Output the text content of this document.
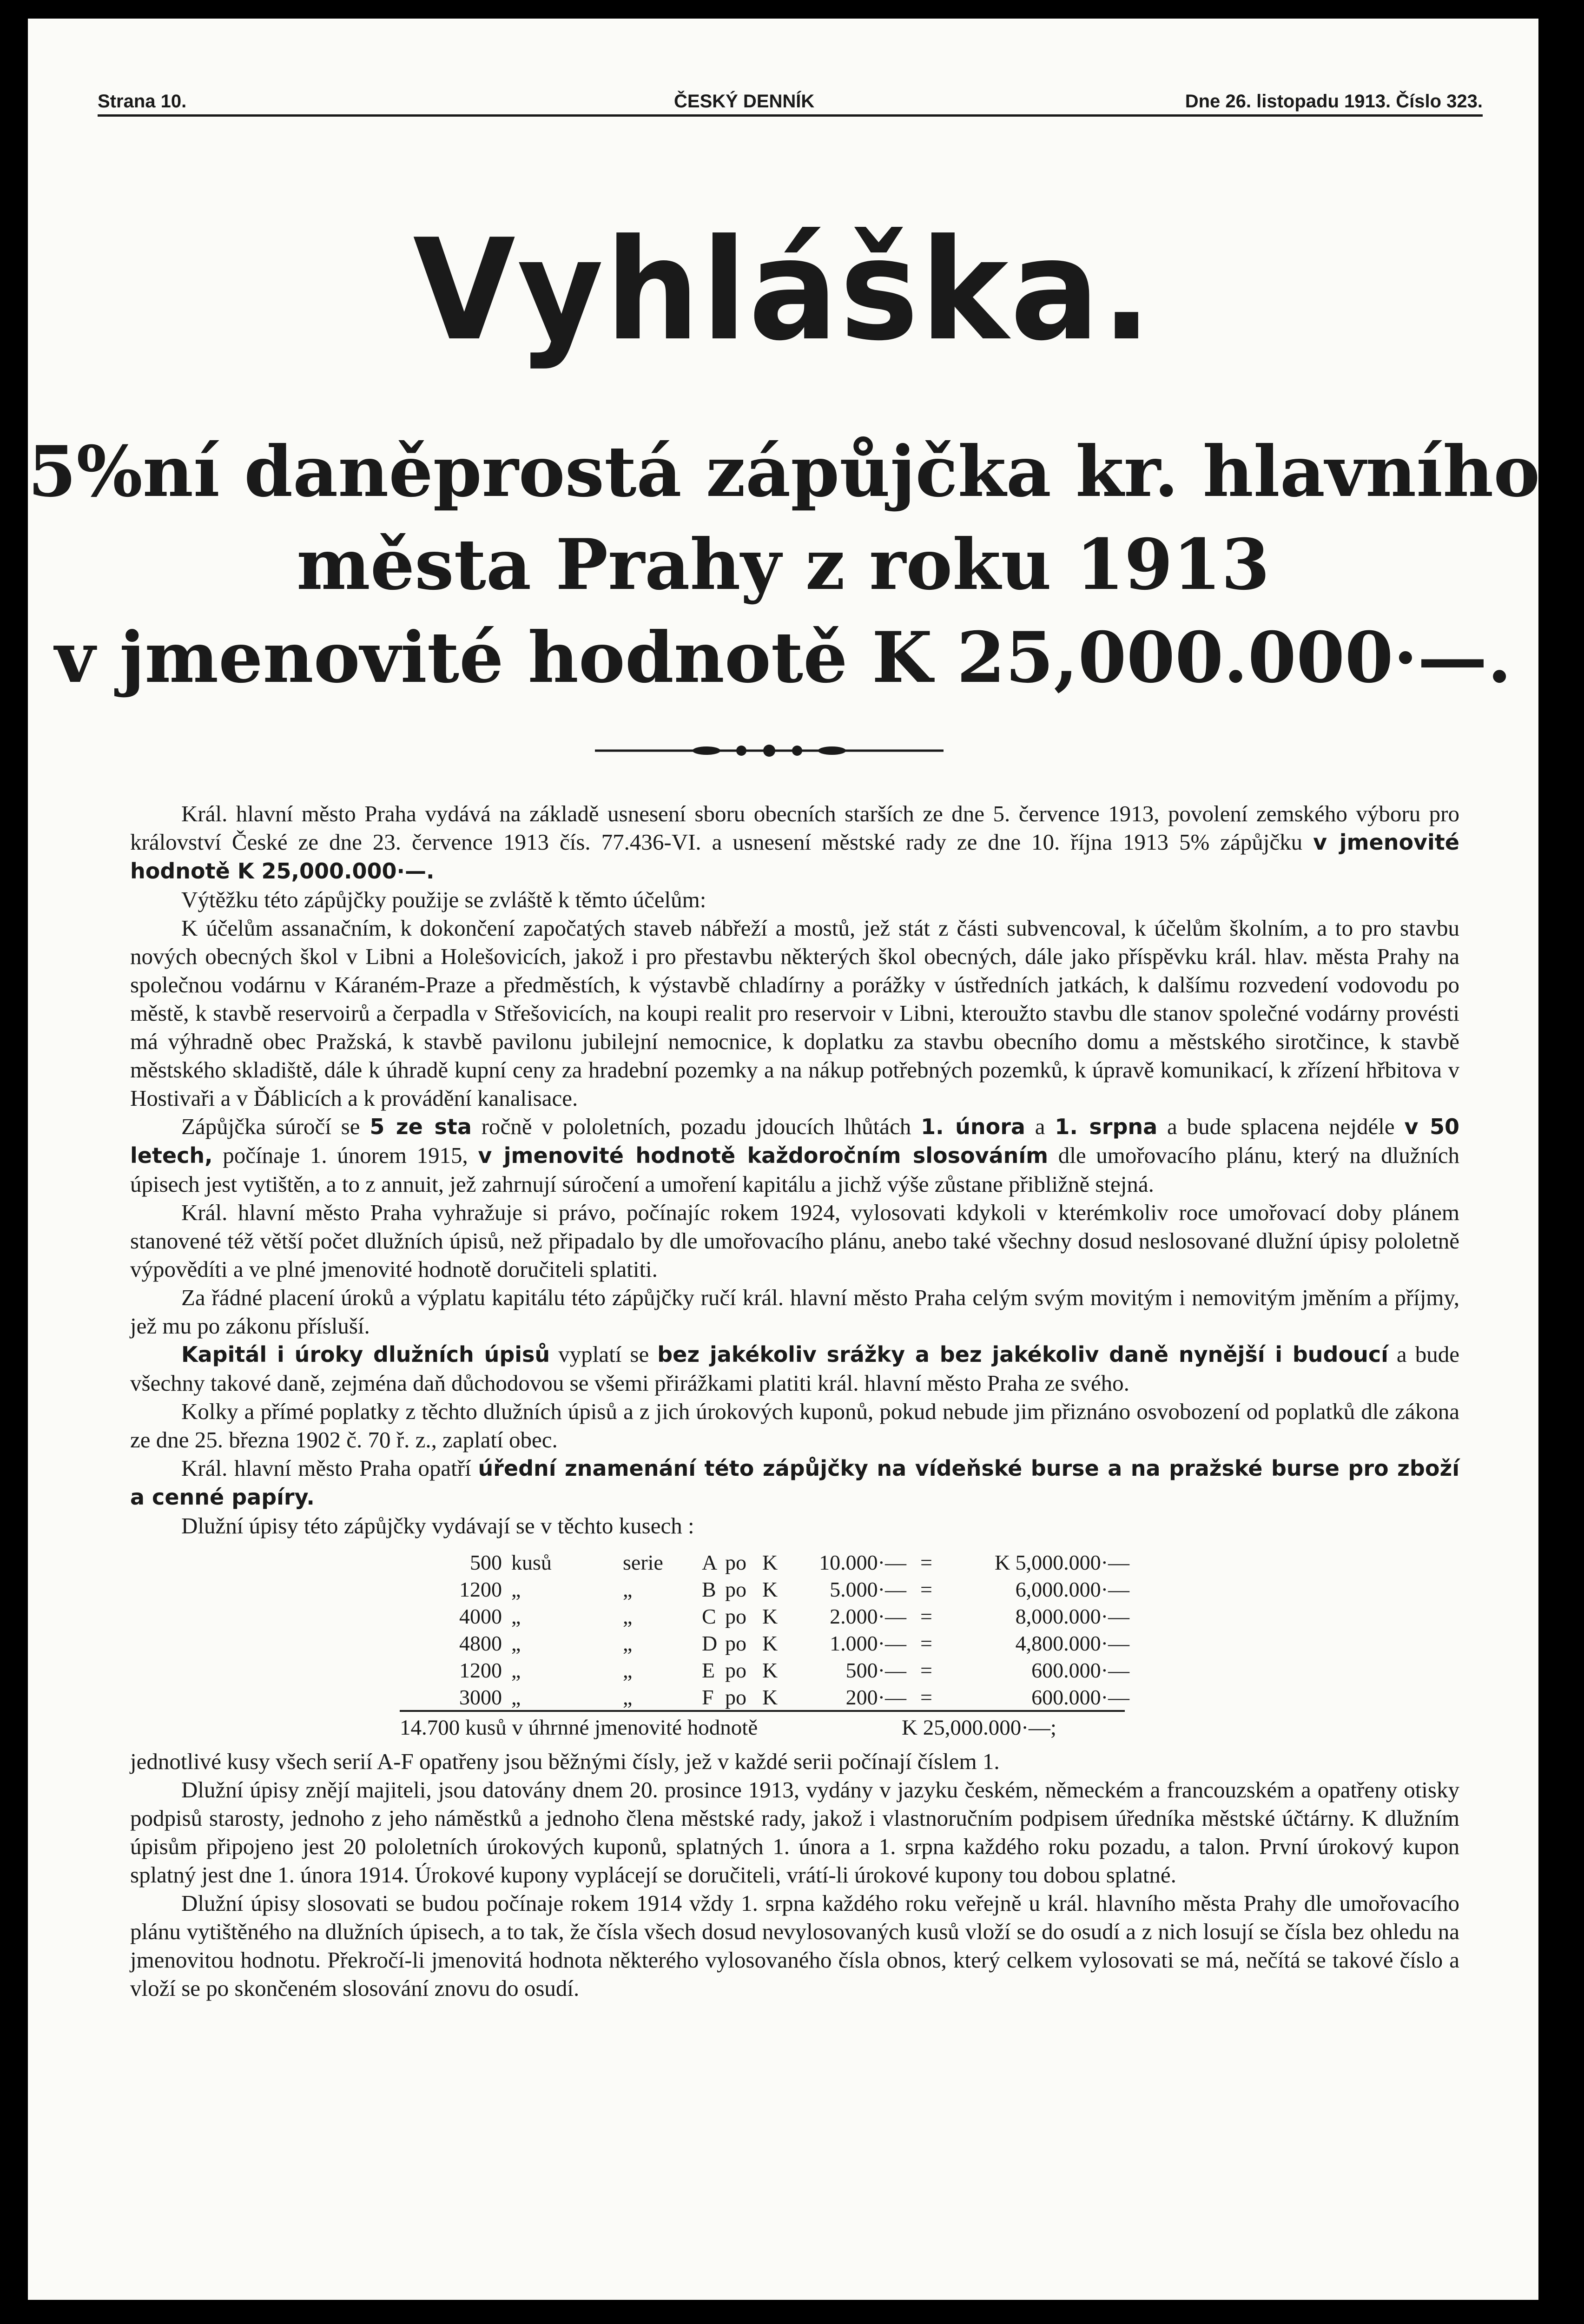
Strana 10.	ČESKÝ DENNÍK	Dne 26. listopadu 1913. Číslo 323.
Vyhláška.
5%ní daněprostá zápůjčka kr. hlavního
města Prahy z roku 1913
v jmenovité hodnotě K 25,000.000·—.

Král. hlavní město Praha vydává na základě usnesení sboru obecních starších ze dne 5. července 1913, povolení zemského výboru pro království České ze dne 23. července 1913 čís. 77.436-VI. a usnesení městské rady ze dne 10. října 1913 5% zápůjčku v jmenovité hodnotě K 25,000.000·—.

Výtěžku této zápůjčky použije se zvláště k těmto účelům:

K účelům assanačním, k dokončení započatých staveb nábřeží a mostů, jež stát z části subvencoval, k účelům školním, a to pro stavbu nových obecných škol v Libni a Holešovicích, jakož i pro přestavbu některých škol obecných, dále jako příspěvku král. hlav. města Prahy na společnou vodárnu v Káraném-Praze a předměstích, k výstavbě chladírny a porážky v ústředních jatkách, k dalšímu rozvedení vodovodu po městě, k stavbě reservoirů a čerpadla v Střešovicích, na koupi realit pro reservoir v Libni, kteroužto stavbu dle stanov společné vodárny provésti má výhradně obec Pražská, k stavbě pavilonu jubilejní nemocnice, k doplatku za stavbu obecního domu a městského sirotčince, k stavbě městského skladiště, dále k úhradě kupní ceny za hradební pozemky a na nákup potřebných pozemků, k úpravě komunikací, k zřízení hřbitova v Hostivaři a v Ďáblicích a k provádění kanalisace.

Zápůjčka súročí se 5 ze sta ročně v pololetních, pozadu jdoucích lhůtách 1. února a 1. srpna a bude splacena nejdéle v 50 letech, počínaje 1. únorem 1915, v jmenovité hodnotě každoročním slosováním dle umořovacího plánu, který na dlužních úpisech jest vytištěn, a to z annuit, jež zahrnují súročení a umoření kapitálu a jichž výše zůstane přibližně stejná.

Král. hlavní město Praha vyhražuje si právo, počínajíc rokem 1924, vylosovati kdykoli v kterémkoliv roce umořovací doby plánem stanovené též větší počet dlužních úpisů, než připadalo by dle umořovacího plánu, anebo také všechny dosud neslosované dlužní úpisy pololetně výpovědíti a ve plné jmenovité hodnotě doručiteli splatiti.

Za řádné placení úroků a výplatu kapitálu této zápůjčky ručí král. hlavní město Praha celým svým movitým i nemovitým jměním a příjmy, jež mu po zákonu přísluší.

Kapitál i úroky dlužních úpisů vyplatí se bez jakékoliv srážky a bez jakékoliv daně nynější i budoucí a bude všechny takové daně, zejména daň důchodovou se všemi přirážkami platiti král. hlavní město Praha ze svého.

Kolky a přímé poplatky z těchto dlužních úpisů a z jich úrokových kuponů, pokud nebude jim přiznáno osvobození od poplatků dle zákona ze dne 25. března 1902 č. 70 ř. z., zaplatí obec.

Král. hlavní město Praha opatří úřední znamenání této zápůjčky na vídeňské burse a na pražské burse pro zboží a cenné papíry.

Dlužní úpisy této zápůjčky vydávají se v těchto kusech :

500 kusů	serie A po K	10.000·— =	K 5,000.000·—
1200 „	„	B po K	5.000·— =	6,000.000·—
4000 „	„	C po K	2.000·— =	8,000.000·—
4800 „	„	D po K	1.000·— =	4,800.000·—
1200 „	„	E po K	500·— =	600.000·—
3000 „	„	F po K	200·— =	600.000·—
14.700 kusů v úhrnné jmenovité hodnotě	K 25,000.000·—;

jednotlivé kusy všech serií A-F opatřeny jsou běžnými čísly, jež v každé serii počínají číslem 1.

Dlužní úpisy znějí majiteli, jsou datovány dnem 20. prosince 1913, vydány v jazyku českém, německém a francouzském a opatřeny otisky podpisů starosty, jednoho z jeho náměstků a jednoho člena městské rady, jakož i vlastnoručním podpisem úředníka městské účtárny. K dlužním úpisům připojeno jest 20 pololetních úrokových kuponů, splatných 1. února a 1. srpna každého roku pozadu, a talon. První úrokový kupon splatný jest dne 1. února 1914. Úrokové kupony vyplácejí se doručiteli, vrátí-li úrokové kupony tou dobou splatné.

Dlužní úpisy slosovati se budou počínaje rokem 1914 vždy 1. srpna každého roku veřejně u král. hlavního města Prahy dle umořovacího plánu vytištěného na dlužních úpisech, a to tak, že čísla všech dosud nevylosovaných kusů vloží se do osudí a z nich losují se čísla bez ohledu na jmenovitou hodnotu. Překročí-li jmenovitá hodnota některého vylosovaného čísla obnos, který celkem vylosovati se má, nečítá se takové číslo a vloží se po skončeném slosování znovu do osudí.
